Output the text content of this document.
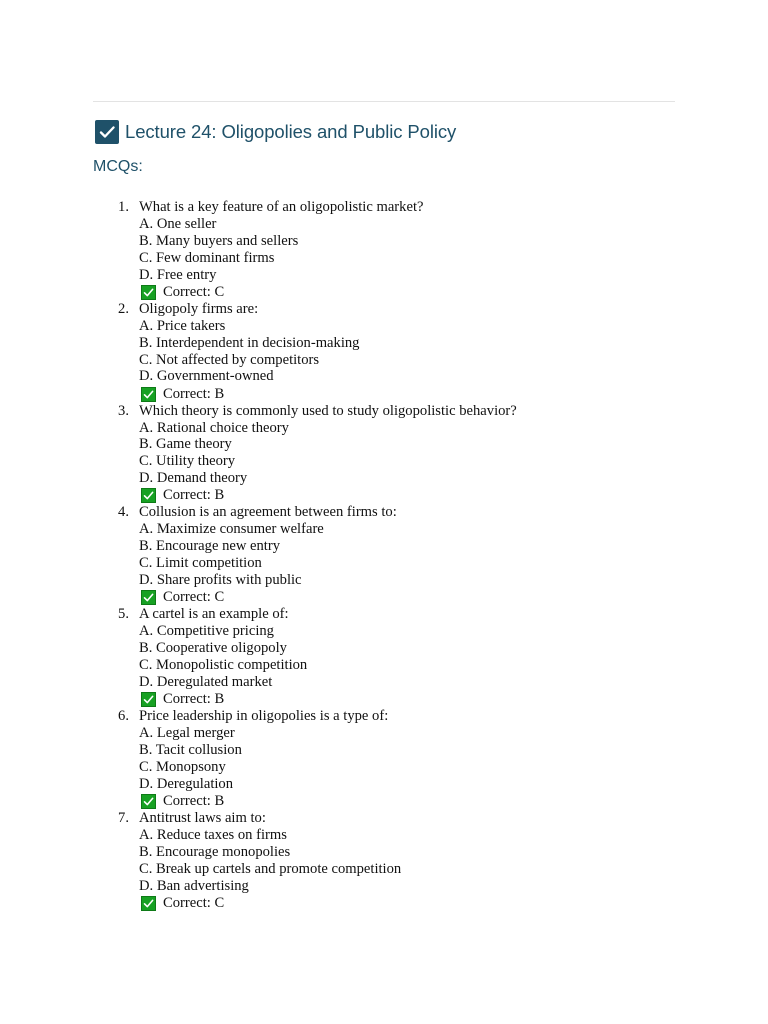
Lecture 24: Oligopolies and Public Policy
MCQs:
1. What is a key feature of an oligopolistic market?
A. One seller
B. Many buyers and sellers
C. Few dominant firms
D. Free entry
Correct: C
2. Oligopoly firms are:
A. Price takers
B. Interdependent in decision-making
C. Not affected by competitors
D. Government-owned
Correct: B
3. Which theory is commonly used to study oligopolistic behavior?
A. Rational choice theory
B. Game theory
C. Utility theory
D. Demand theory
Correct: B
4. Collusion is an agreement between firms to:
A. Maximize consumer welfare
B. Encourage new entry
C. Limit competition
D. Share profits with public
Correct: C
5. A cartel is an example of:
A. Competitive pricing
B. Cooperative oligopoly
C. Monopolistic competition
D. Deregulated market
Correct: B
6. Price leadership in oligopolies is a type of:
A. Legal merger
B. Tacit collusion
C. Monopsony
D. Deregulation
Correct: B
7. Antitrust laws aim to:
A. Reduce taxes on firms
B. Encourage monopolies
C. Break up cartels and promote competition
D. Ban advertising
Correct: C
